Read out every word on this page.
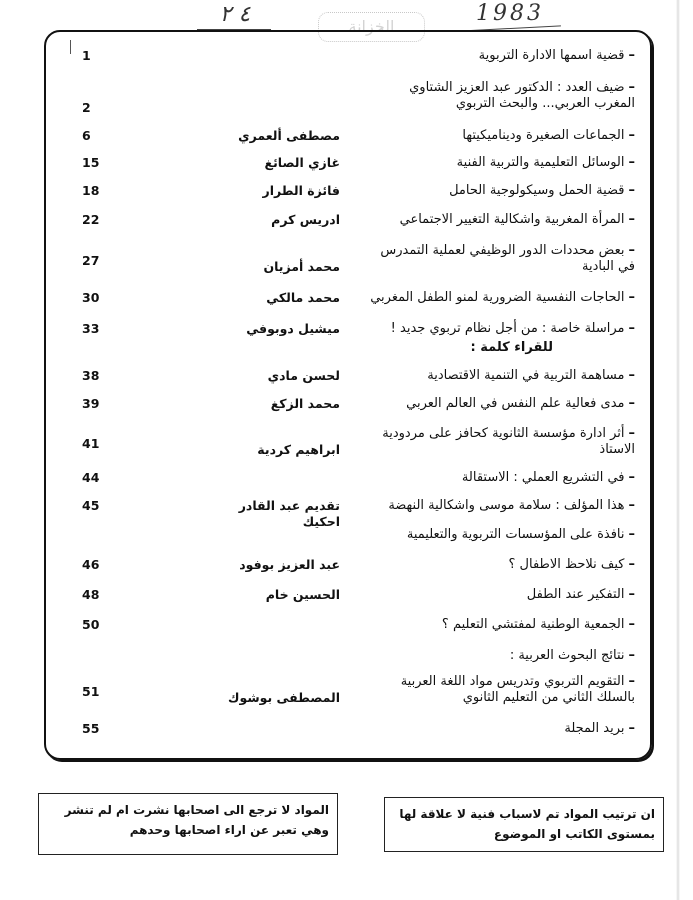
٤ ٢	الخزانة
1983
–قضية اسمها الادارة التربوية
1
–ضيف العدد : الدكتور عبد العزيز الشتاوي المغرب العربي... والبحث التربوي
2
–الجماعات الصغيرة وديناميكيتها
مصطفى ألعمري
6
–الوسائل التعليمية والتربية الفنية
غازي الصائغ
15
–قضية الحمل وسيكولوجية الحامل
فائزة الطرار
18
–المرأة المغربية واشكالية التغيير الاجتماعي
ادريس كرم
22
–بعض محددات الدور الوظيفي لعملية التمدرس في البادية
محمد أمزيان
27
–الحاجات النفسية الضرورية لمنو الطفل المغربي
محمد مالكي
30
–مراسلة خاصة : من أجل نظام تربوي جديد !
ميشيل دوبوفي
33
للقراء كلمة :
–مساهمة التربية في التنمية الاقتصادية
لحسن مادي
38
–مدى فعالية علم النفس في العالم العربي
محمد الزكغ
39
–أثر ادارة مؤسسة الثانوية كحافز على مردودية الاستاذ
ابراهيم كردية
41
–في التشريع العملي : الاستقالة
44
–هذا المؤلف : سلامة موسى واشكالية النهضة
تقديم عبد القادر احكيك
45
–نافذة على المؤسسات التربوية والتعليمية
–كيف نلاحظ الاطفال ؟
عبد العزيز بوفود
46
–التفكير عند الطفل
الحسين خام
48
–الجمعية الوطنية لمفتشي التعليم ؟
50
–نتائج البحوث العربية :
–التقويم التربوي وتدريس مواد اللغة العربية بالسلك الثاني من التعليم الثانوي
المصطفى بوشوك
51
–بريد المجلة
55
ان ترتيب المواد تم لاسباب فنية لا علاقة لها
بمستوى الكاتب او الموضوع
المواد لا ترجع الى اصحابها نشرت ام لم تنشر
وهي تعبر عن اراء اصحابها وحدهم
